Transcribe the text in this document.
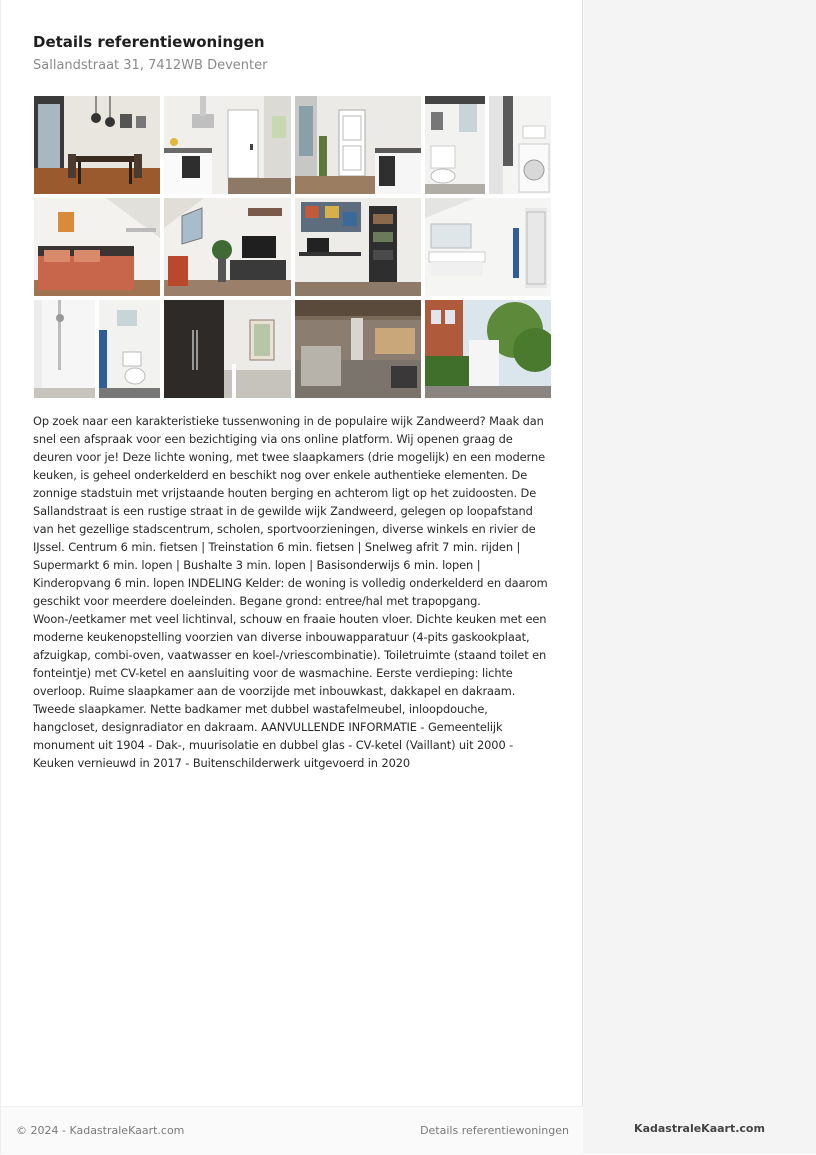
Details referentiewoningen
Sallandstraat 31, 7412WB Deventer
Op zoek naar een karakteristieke tussenwoning in de populaire wijk Zandweerd? Maak dan snel een afspraak voor een bezichtiging via ons online platform. Wij openen graag de deuren voor je! Deze lichte woning, met twee slaapkamers (drie mogelijk) en een moderne keuken, is geheel onderkelderd en beschikt nog over enkele authentieke elementen. De zonnige stadstuin met vrijstaande houten berging en achterom ligt op het zuidoosten. De Sallandstraat is een rustige straat in de gewilde wijk Zandweerd, gelegen op loopafstand van het gezellige stadscentrum, scholen, sportvoorzieningen, diverse winkels en rivier de IJssel. Centrum 6 min. fietsen | Treinstation 6 min. fietsen | Snelweg afrit 7 min. rijden | Supermarkt 6 min. lopen | Bushalte 3 min. lopen | Basisonderwijs 6 min. lopen | Kinderopvang 6 min. lopen INDELING Kelder: de woning is volledig onderkelderd en daarom geschikt voor meerdere doeleinden. Begane grond: entree/hal met trapopgang. Woon-/eetkamer met veel lichtinval, schouw en fraaie houten vloer. Dichte keuken met een moderne keukenopstelling voorzien van diverse inbouwapparatuur (4-pits gaskookplaat, afzuigkap, combi-oven, vaatwasser en koel-/vriescombinatie). Toiletruimte (staand toilet en fonteintje) met CV-ketel en aansluiting voor de wasmachine. Eerste verdieping: lichte overloop. Ruime slaapkamer aan de voorzijde met inbouwkast, dakkapel en dakraam. Tweede slaapkamer. Nette badkamer met dubbel wastafelmeubel, inloopdouche, hangcloset, designradiator en dakraam. AANVULLENDE INFORMATIE - Gemeentelijk monument uit 1904 - Dak-, muurisolatie en dubbel glas - CV-ketel (Vaillant) uit 2000 - Keuken vernieuwd in 2017 - Buitenschilderwerk uitgevoerd in 2020
© 2024 - KadastraleKaart.com	Details referentiewoningen	KadastraleKaart.com
